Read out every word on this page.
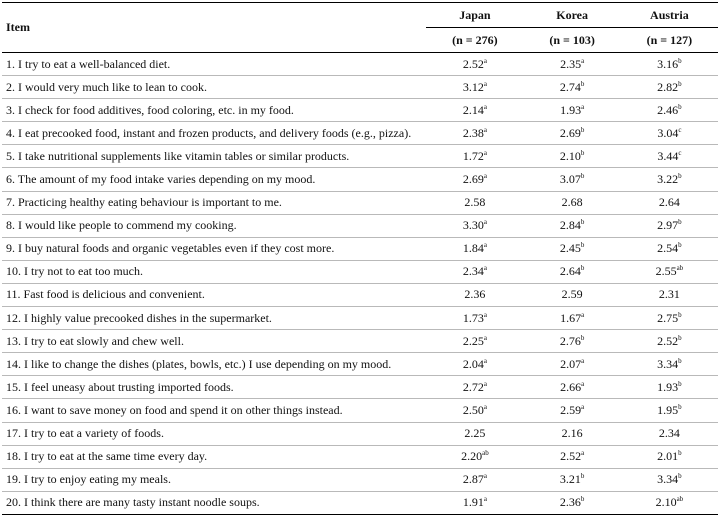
Item	Japan	Korea	Austria
	(n = 276)	(n = 103)	(n = 127)
1. I try to eat a well-balanced diet.	2.52$^a$	2.35$^a$	3.16$^b$
2. I would very much like to lean to cook.	3.12$^a$	2.74$^b$	2.82$^b$
3. I check for food additives, food coloring, etc. in my food.	2.14$^a$	1.93$^a$	2.46$^b$
4. I eat precooked food, instant and frozen products, and delivery foods (e.g., pizza).	2.38$^a$	2.69$^b$	3.04$^c$
5. I take nutritional supplements like vitamin tables or similar products.	1.72$^a$	2.10$^b$	3.44$^c$
6. The amount of my food intake varies depending on my mood.	2.69$^a$	3.07$^b$	3.22$^b$
7. Practicing healthy eating behaviour is important to me.	2.58	2.68	2.64
8. I would like people to commend my cooking.	3.30$^a$	2.84$^b$	2.97$^b$
9. I buy natural foods and organic vegetables even if they cost more.	1.84$^a$	2.45$^b$	2.54$^b$
10. I try not to eat too much.	2.34$^a$	2.64$^b$	2.55$^{ab}$
11. Fast food is delicious and convenient.	2.36	2.59	2.31
12. I highly value precooked dishes in the supermarket.	1.73$^a$	1.67$^a$	2.75$^b$
13. I try to eat slowly and chew well.	2.25$^a$	2.76$^b$	2.52$^b$
14. I like to change the dishes (plates, bowls, etc.) I use depending on my mood.	2.04$^a$	2.07$^a$	3.34$^b$
15. I feel uneasy about trusting imported foods.	2.72$^a$	2.66$^a$	1.93$^b$
16. I want to save money on food and spend it on other things instead.	2.50$^a$	2.59$^a$	1.95$^b$
17. I try to eat a variety of foods.	2.25	2.16	2.34
18. I try to eat at the same time every day.	2.20$^{ab}$	2.52$^a$	2.01$^b$
19. I try to enjoy eating my meals.	2.87$^a$	3.21$^b$	3.34$^b$
20. I think there are many tasty instant noodle soups.	1.91$^a$	2.36$^b$	2.10$^{ab}$
